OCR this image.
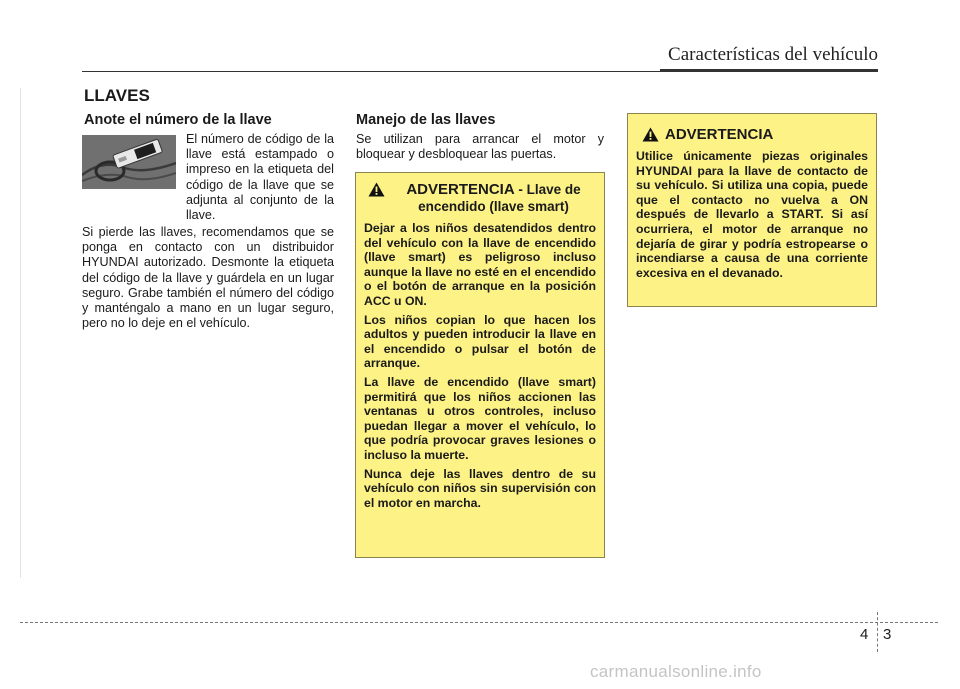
Características del vehículo
LLAVES
Anote el número de la llave

El número de código de la llave está estampado o impreso en la etiqueta del código de la llave que se adjunta al conjunto de la llave.

Si pierde las llaves, recomendamos que se ponga en contacto con un distribuidor HYUNDAI autorizado. Desmonte la etiqueta del código de la llave y guárdela en un lugar seguro. Grabe también el número del código y manténgalo a mano en un lugar seguro, pero no lo deje en el vehículo.

Manejo de las llaves

Se utilizan para arrancar el motor y bloquear y desbloquear las puertas.

ADVERTENCIA - Llave de encendido (llave smart)

Dejar a los niños desatendidos dentro del vehículo con la llave de encendido (llave smart) es peligroso incluso aunque la llave no esté en el encendido o el botón de arranque en la posición ACC u ON.

Los niños copian lo que hacen los adultos y pueden introducir la llave en el encendido o pulsar el botón de arranque.

La llave de encendido (llave smart) permitirá que los niños accionen las ventanas u otros controles, incluso puedan llegar a mover el vehículo, lo que podría provocar graves lesiones o incluso la muerte.

Nunca deje las llaves dentro de su vehículo con niños sin supervisión con el motor en marcha.

ADVERTENCIA

Utilice únicamente piezas originales HYUNDAI para la llave de contacto de su vehículo. Si utiliza una copia, puede que el contacto no vuelva a ON después de llevarlo a START. Si así ocurriera, el motor de arranque no dejaría de girar y podría estropearse o incendiarse a causa de una corriente excesiva en el devanado.

4 3
carmanualsonline.info
